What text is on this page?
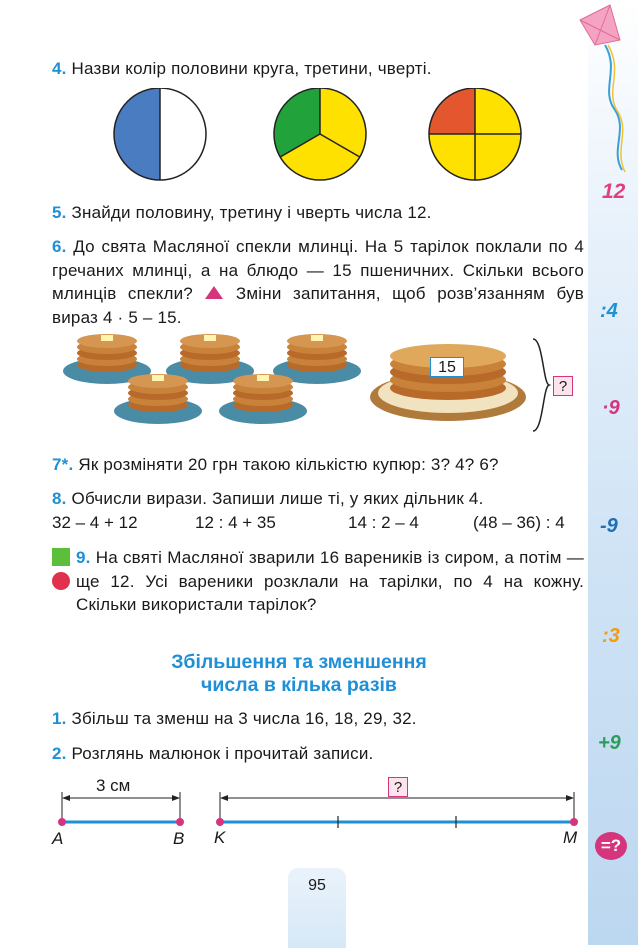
12
:4
·9
-9
:3
+9
=?
4. Назви колір половини круга, третини, чверті.
5. Знайди половину, третину і чверть числа 12.
6. До свята Масляної спекли млинці. На 5 тарілок поклали по 4 гречаних млинці, а на блюдо — 15 пшеничних. Скільки всього млинців спекли?	Зміни запитання, щоб розв’язанням був вираз 4 · 5 – 15.
15
?
7*. Як розміняти 20 грн такою кількістю купюр: 3? 4? 6?
8. Обчисли вирази. Запиши лише ті, у яких дільник 4.
32 – 4 + 12	12 : 4 + 35	14 : 2 – 4	(48 – 36) : 4
9. На святі Масляної зварили 16 вареників із сиром, а потім — ще 12. Усі вареники розклали на тарілки, по 4 на кожну. Скільки використали тарілок?
Збільшення та зменшення
числа в кілька разів
1. Збільш та зменш на 3 числа 16, 18, 29, 32.
2. Розглянь малюнок і прочитай записи.
3 см	?
A	B K	M
95
